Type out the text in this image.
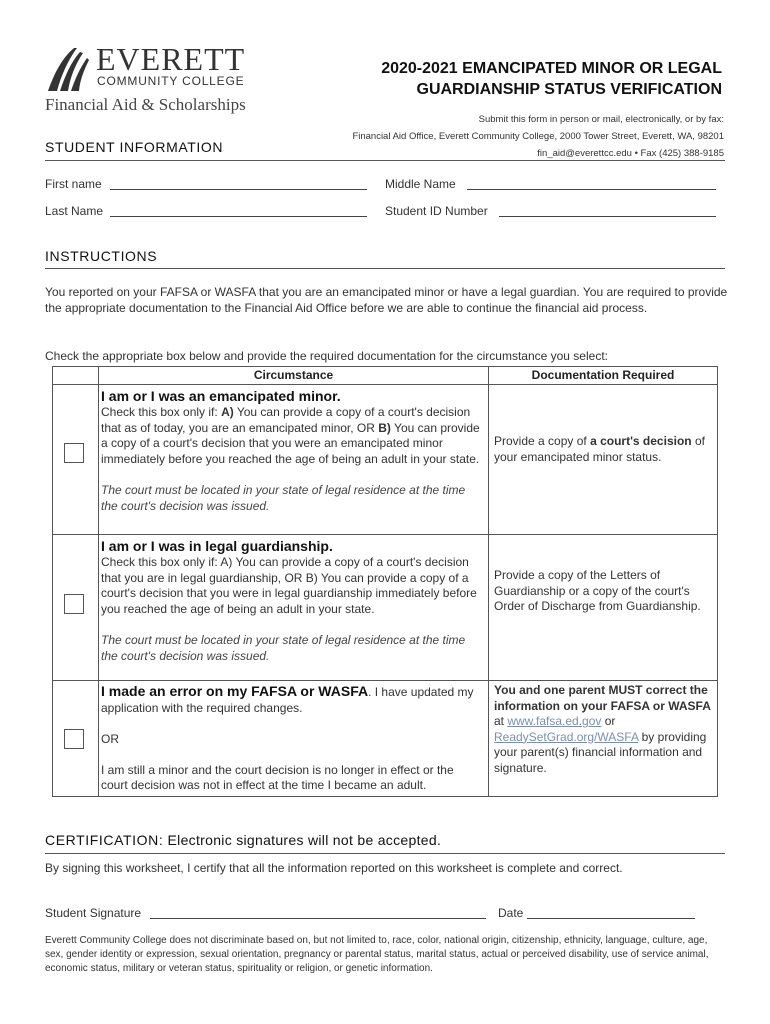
EVERETT
COMMUNITY COLLEGE
Financial Aid & Scholarships
2020-2021 EMANCIPATED MINOR OR LEGAL
GUARDIANSHIP STATUS VERIFICATION
Submit this form in person or mail, electronically, or by fax:
Financial Aid Office, Everett Community College, 2000 Tower Street, Everett, WA, 98201
fin_aid@everettcc.edu • Fax (425) 388-9185
STUDENT INFORMATION
First name	Middle Name
Last Name	Student ID Number
INSTRUCTIONS

You reported on your FAFSA or WASFA that you are an emancipated minor or have a legal guardian. You are required to provide the appropriate documentation to the Financial Aid Office before we are able to continue the financial aid process.

Check the appropriate box below and provide the required documentation for the circumstance you select:

	Circumstance	Documentation Required

	I am or I was an emancipated minor.
Check this box only if: A) You can provide a copy of a court's decision that as of today, you are an emancipated minor, OR B) You can provide a copy of a court's decision that you were an emancipated minor immediately before you reached the age of being an adult in your state.
The court must be located in your state of legal residence at the time the court's decision was issued.	Provide a copy of a court's decision of your emancipated minor status.

	I am or I was in legal guardianship.
Check this box only if: A) You can provide a copy of a court's decision that you are in legal guardianship, OR B) You can provide a copy of a court's decision that you were in legal guardianship immediately before you reached the age of being an adult in your state.
The court must be located in your state of legal residence at the time the court's decision was issued.	Provide a copy of the Letters of Guardianship or a copy of the court's Order of Discharge from Guardianship.

	I made an error on my FAFSA or WASFA. I have updated my application with the required changes.
OR
I am still a minor and the court decision is no longer in effect or the court decision was not in effect at the time I became an adult.	You and one parent MUST correct the information on your FAFSA or WASFA at www.fafsa.ed.gov or ReadySetGrad.org/WASFA by providing your parent(s) financial information and signature.
CERTIFICATION: Electronic signatures will not be accepted.

By signing this worksheet, I certify that all the information reported on this worksheet is complete and correct.

Student Signature	Date

Everett Community College does not discriminate based on, but not limited to, race, color, national origin, citizenship, ethnicity, language, culture, age, sex, gender identity or expression, sexual orientation, pregnancy or parental status, marital status, actual or perceived disability, use of service animal, economic status, military or veteran status, spirituality or religion, or genetic information.
